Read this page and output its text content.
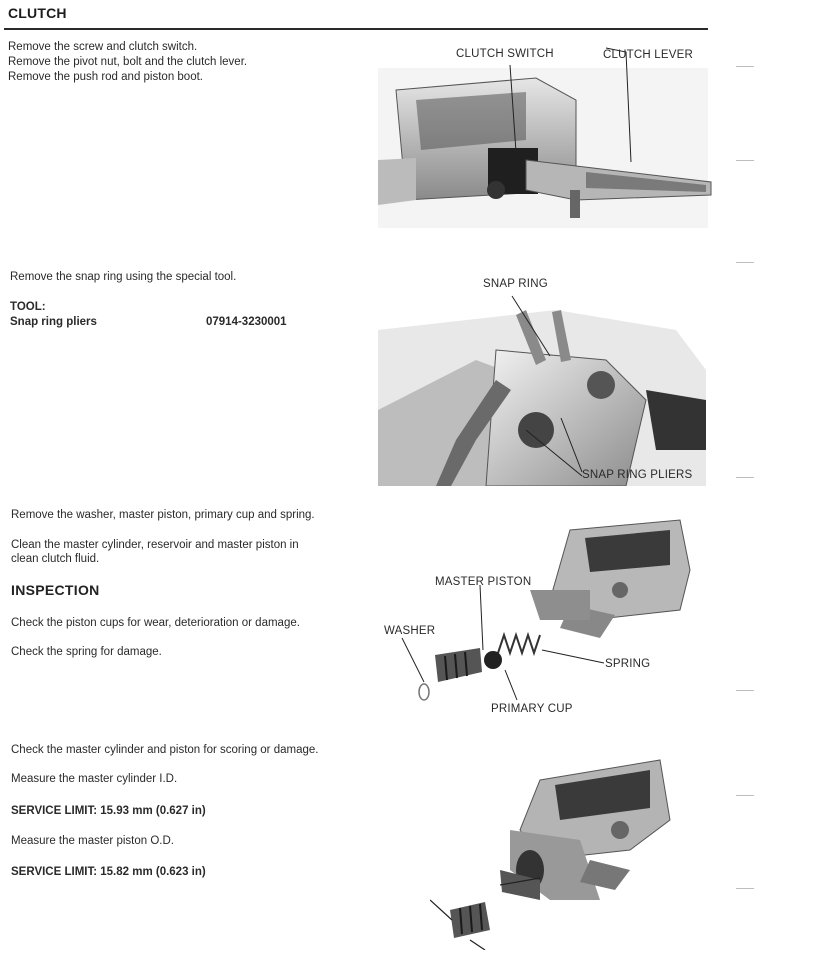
CLUTCH
Remove the screw and clutch switch.
Remove the pivot nut, bolt and the clutch lever.
Remove the push rod and piston boot.
Remove the snap ring using the special tool.
TOOL:
Snap ring pliers	07914-3230001
Remove the washer, master piston, primary cup and spring.
Clean the master cylinder, reservoir and master piston in
clean clutch fluid.
INSPECTION
Check the piston cups for wear, deterioration or damage.
Check the spring for damage.
Check the master cylinder and piston for scoring or damage.
Measure the master cylinder I.D.
SERVICE LIMIT: 15.93 mm (0.627 in)
Measure the master piston O.D.
SERVICE LIMIT: 15.82 mm (0.623 in)
CLUTCH SWITCH	CLUTCH LEVER
SNAP RING
SNAP RING PLIERS
MASTER PISTON
WASHER
SPRING
PRIMARY CUP
